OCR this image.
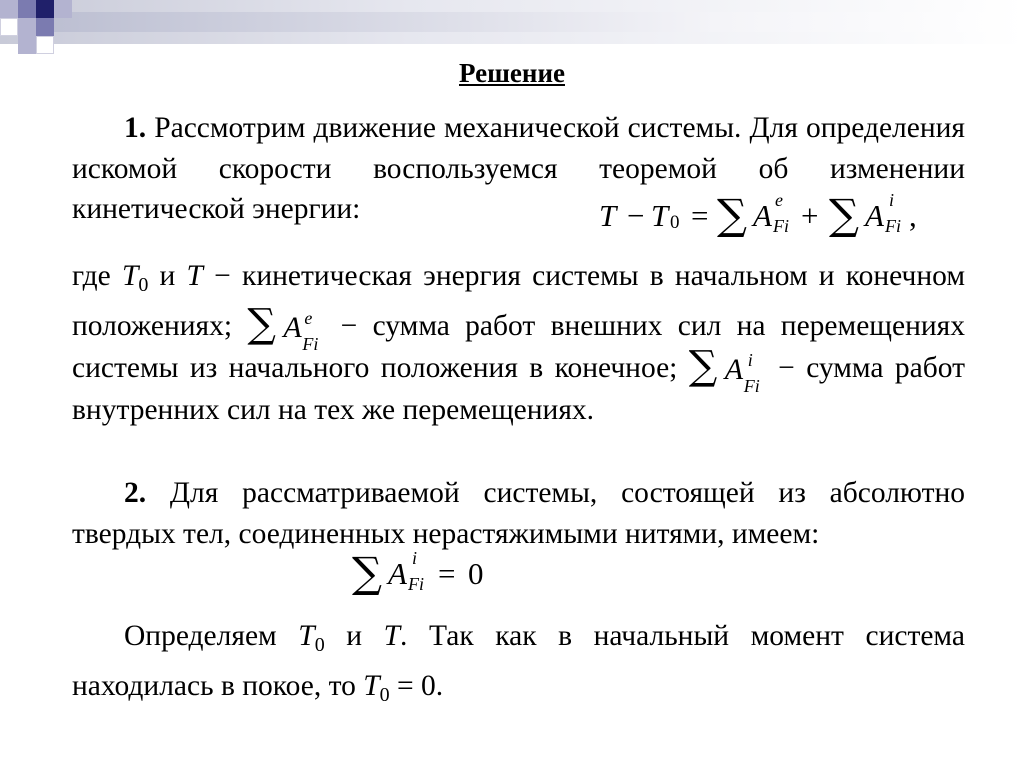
Решение
1. Рассмотрим движение механической системы. Для определения искомой скорости воспользуемся теоремой об изменении кинетической энергии:	T − T 0 = ∑ A e
Fi + ∑ A i
Fi ,
где $T_0$ и T − кинетическая энергия системы в начальном и конечном положениях; ∑ A e
Fi
− сумма работ внешних сил на перемещениях системы из начального положения в конечное; ∑ A i
Fi
− сумма работ внутренних сил на тех же перемещениях.
2. Для рассматриваемой системы, состоящей из абсолютно твердых тел, соединенных нерастяжимыми нитями, имеем:
∑ A i
Fi = 0
Определяем $T_0$ и T. Так как в начальный момент система находилась в покое, то $T_0 = 0$.
